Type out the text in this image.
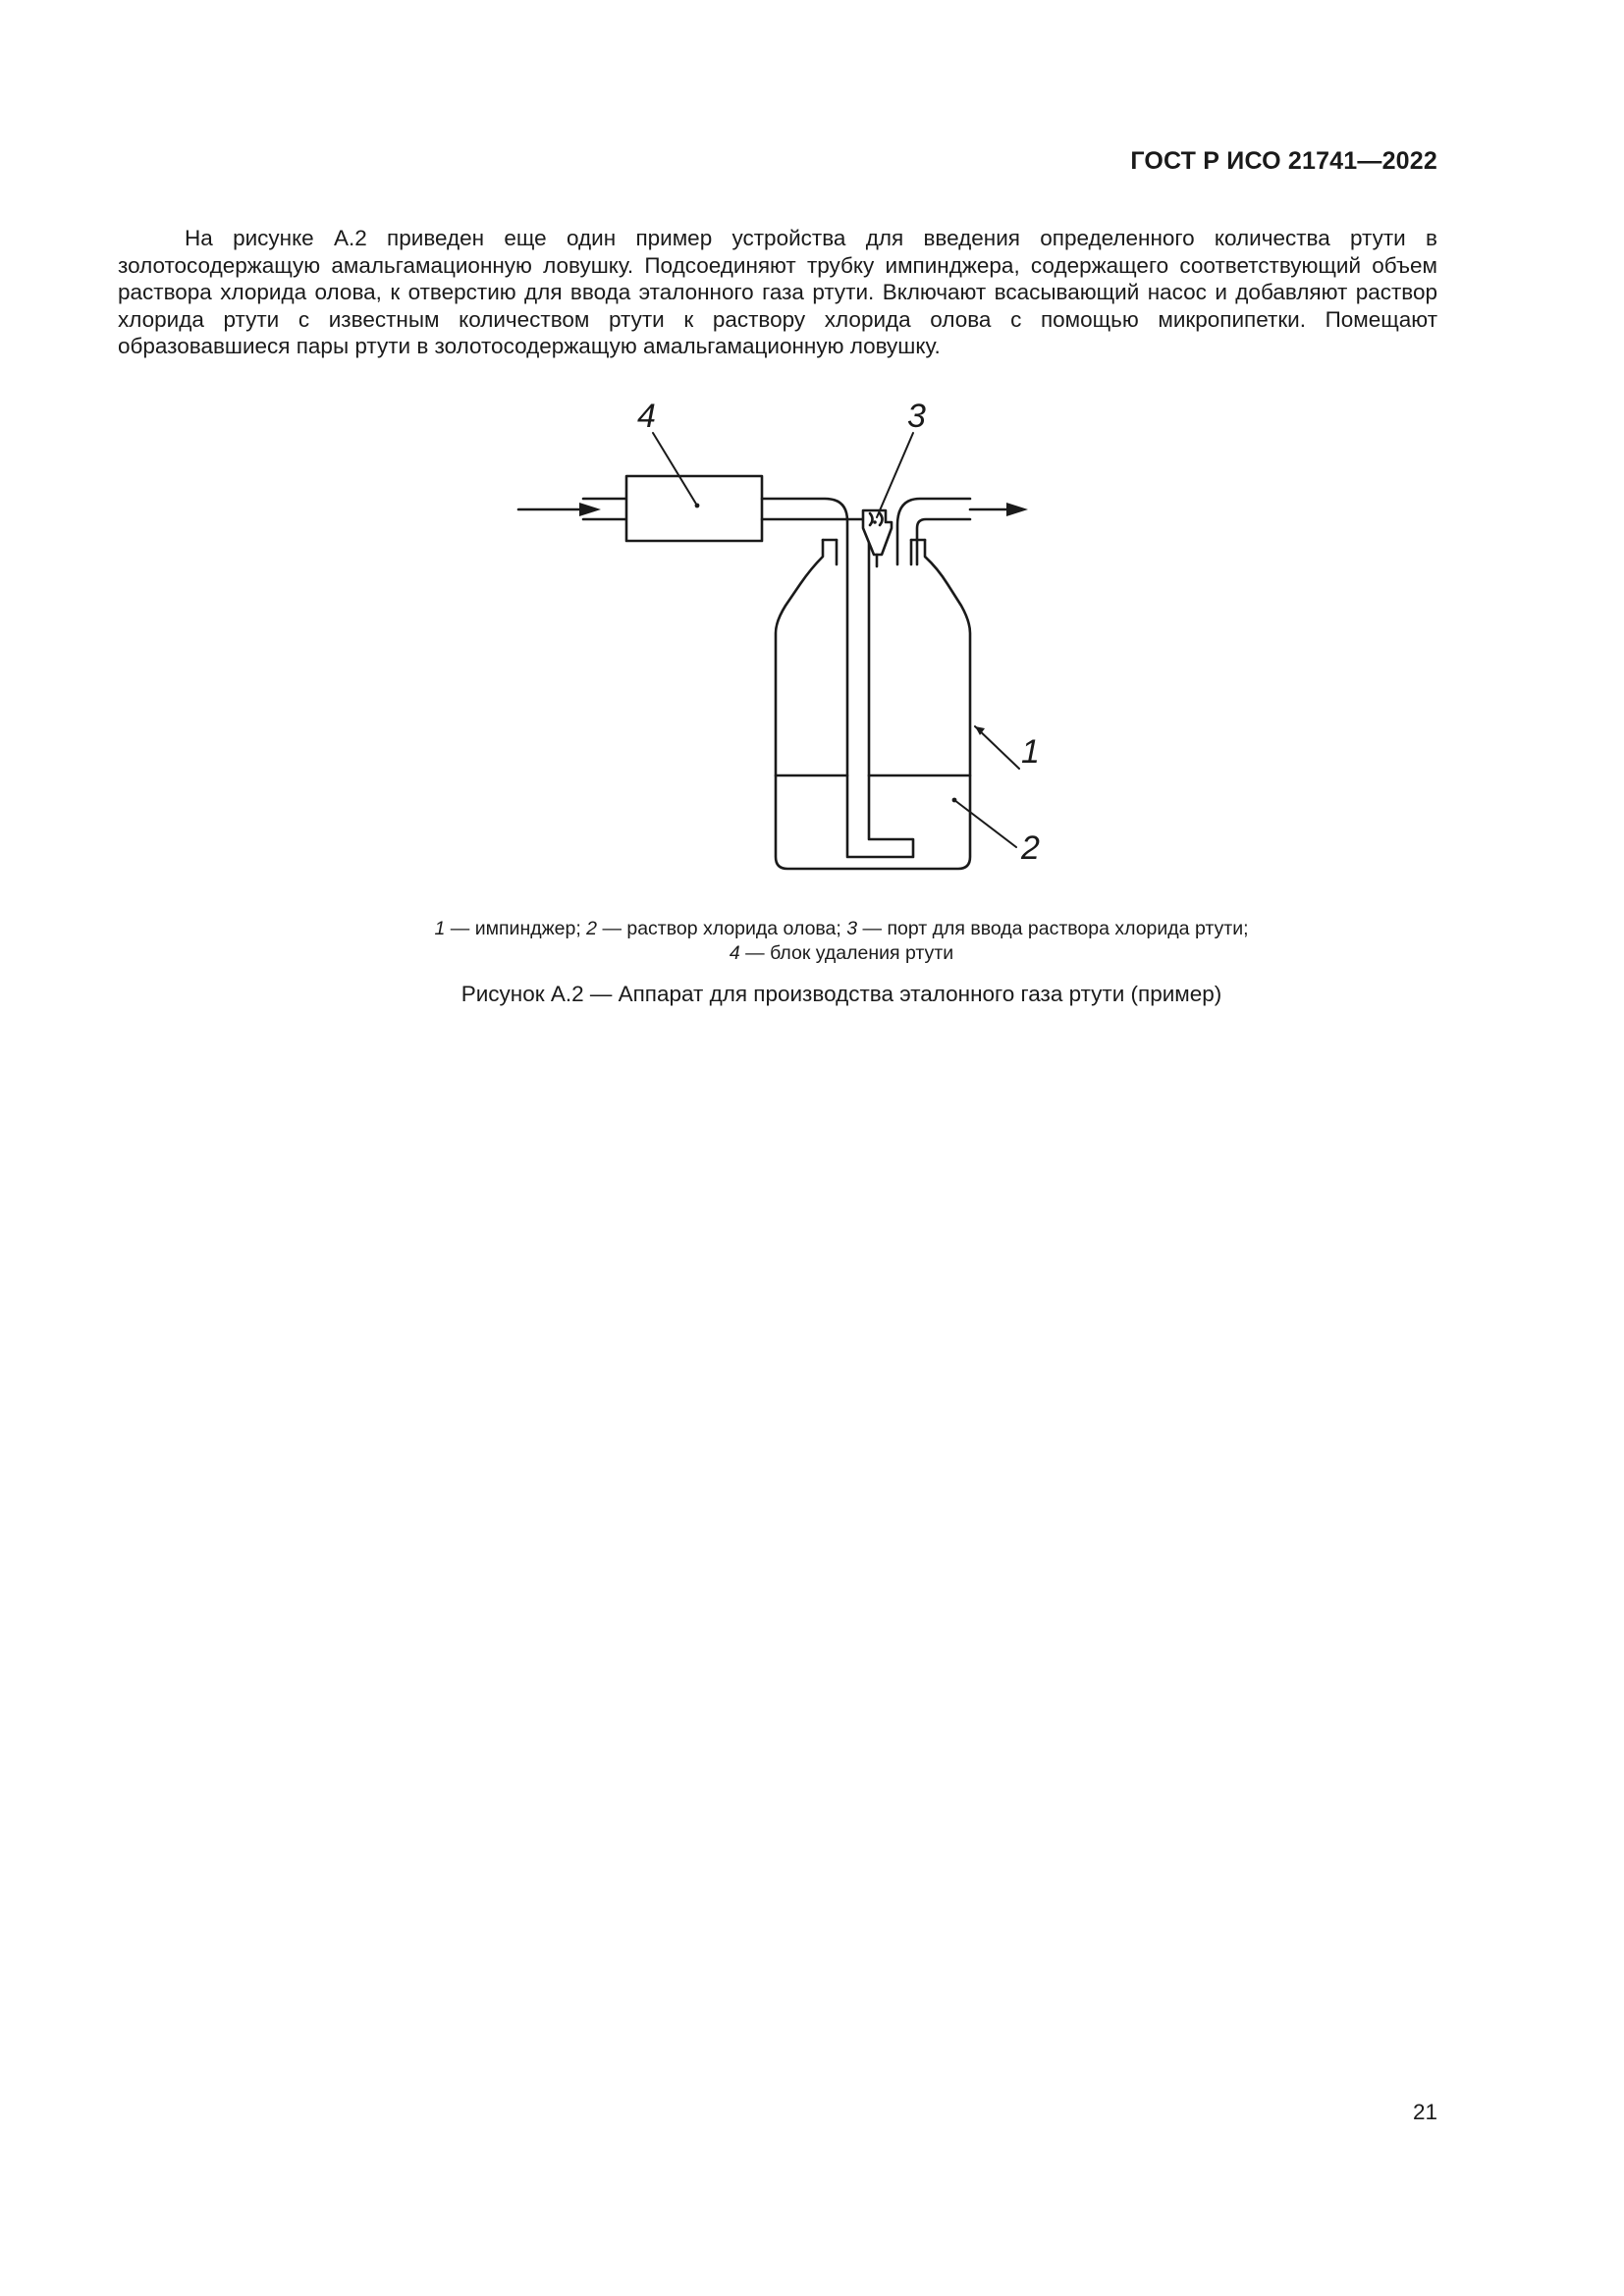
ГОСТ Р ИСО 21741—2022

На рисунке А.2 приведен еще один пример устройства для введения определенного количества ртути в золотосодержащую амальгамационную ловушку. Подсоединяют трубку импинджера, содержащего соответствующий объем раствора хлорида олова, к отверстию для ввода эталонного газа ртути. Включают всасывающий насос и добавляют раствор хлорида ртути с известным количеством ртути к раствору хлорида олова с помощью микропипетки. Помещают образовавшиеся пары ртути в золотосодержащую амальгамационную ловушку.

4	3
1
2
1 — импинджер; 2 — раствор хлорида олова; 3 — порт для ввода раствора хлорида ртути;
4 — блок удаления ртути
Рисунок А.2 — Аппарат для производства эталонного газа ртути (пример)
21
